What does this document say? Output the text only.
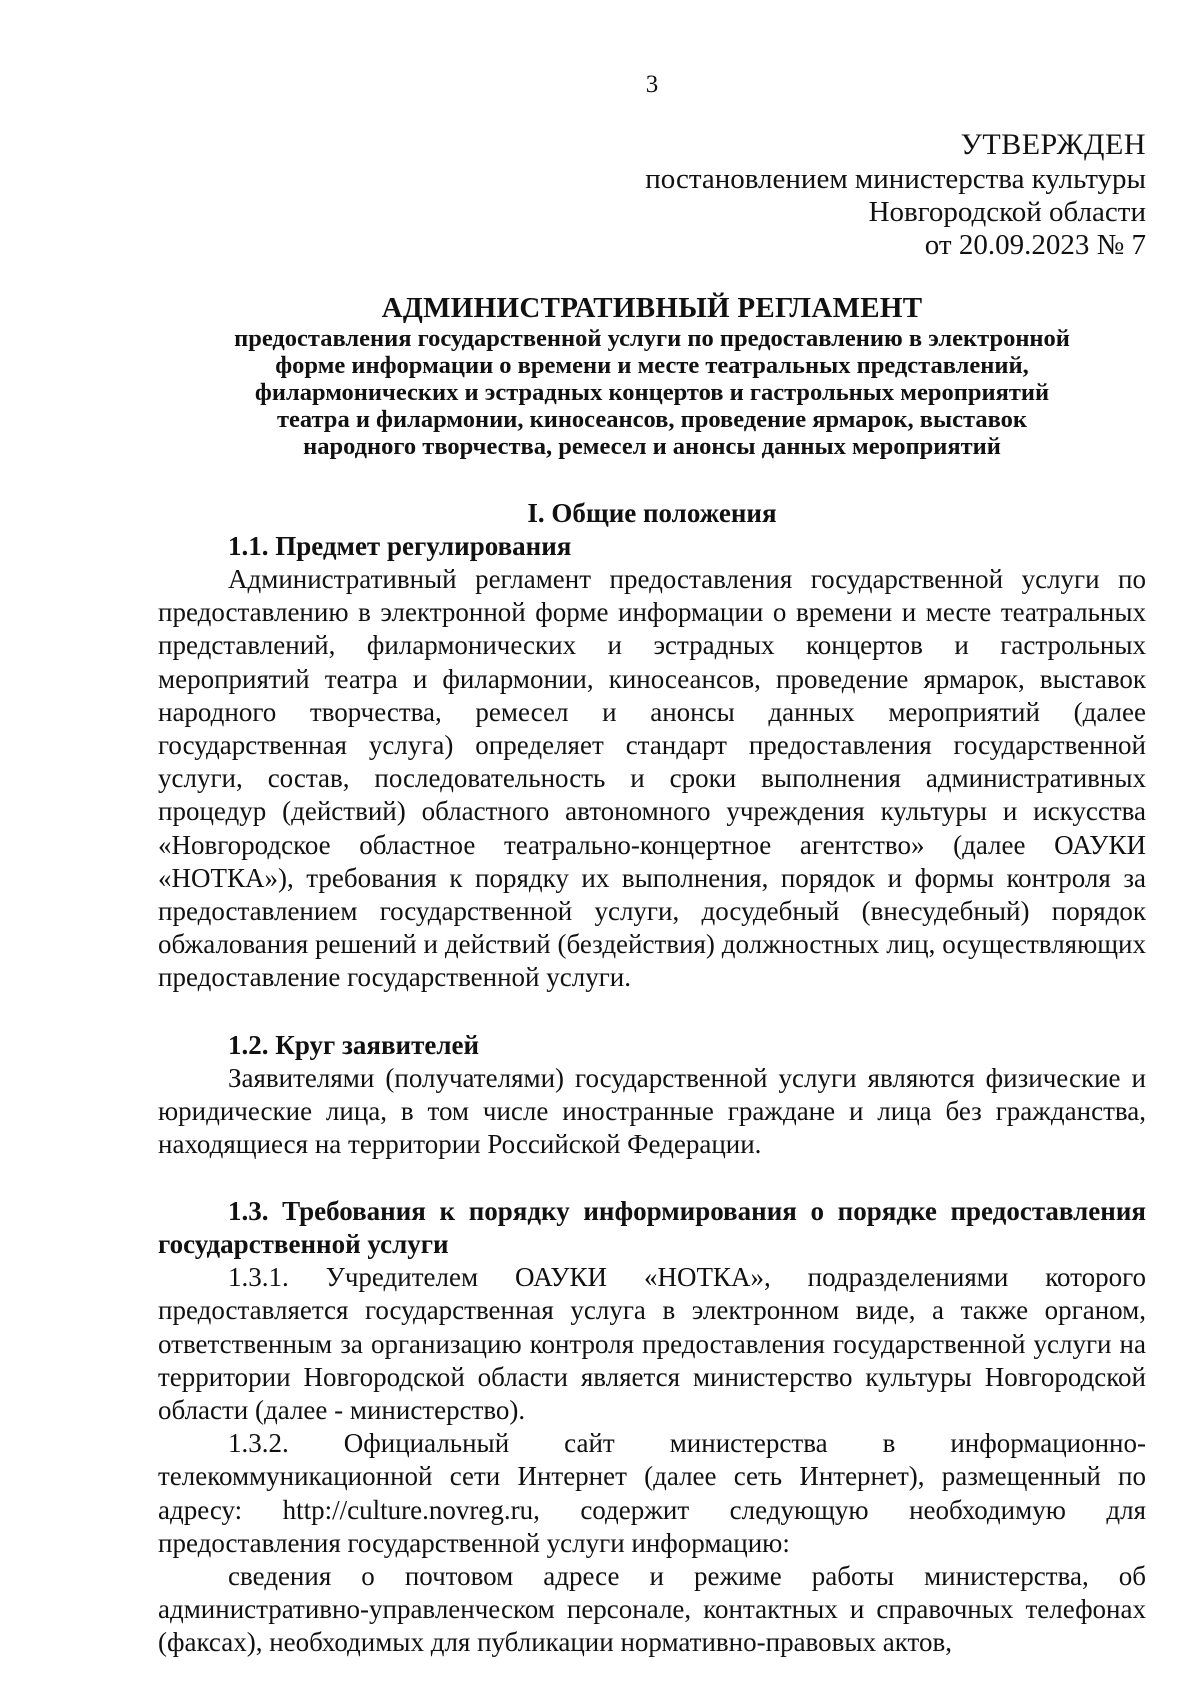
3
УТВЕРЖДЕН
постановлением министерства культуры
Новгородской области
от 20.09.2023 № 7
АДМИНИСТРАТИВНЫЙ РЕГЛАМЕНТ
предоставления государственной услуги по предоставлению в электронной
форме информации о времени и месте театральных представлений,
филармонических и эстрадных концертов и гастрольных мероприятий
театра и филармонии, киносеансов, проведение ярмарок, выставок
народного творчества, ремесел и анонсы данных мероприятий
I. Общие положения
1.1. Предмет регулирования

Административный регламент предоставления государственной услуги по предоставлению в электронной форме информации о времени и месте театральных представлений, филармонических и эстрадных концертов и гастрольных мероприятий театра и филармонии, киносеансов, проведение ярмарок, выставок народного творчества, ремесел и анонсы данных мероприятий (далее государственная услуга) определяет стандарт предоставления государственной услуги, состав, последовательность и сроки выполнения административных процедур (действий) областного автономного учреждения культуры и искусства «Новгородское областное театрально-концертное агентство» (далее ОАУКИ «НОТКА»), требования к порядку их выполнения, порядок и формы контроля за предоставлением государственной услуги, досудебный (внесудебный) порядок обжалования решений и действий (бездействия) должностных лиц, осуществляющих предоставление государственной услуги.

1.2. Круг заявителей

Заявителями (получателями) государственной услуги являются физические и юридические лица, в том числе иностранные граждане и лица без гражданства, находящиеся на территории Российской Федерации.

1.3. Требования к порядку информирования о порядке предоставления государственной услуги

1.3.1. Учредителем ОАУКИ «НОТКА», подразделениями которого предоставляется государственная услуга в электронном виде, а также органом, ответственным за организацию контроля предоставления государственной услуги на территории Новгородской области является министерство культуры Новгородской области (далее - министерство).

1.3.2. Официальный сайт министерства в информационно-телекоммуникационной сети Интернет (далее сеть Интернет), размещенный по адресу: http://culture.novreg.ru, содержит следующую необходимую для предоставления государственной услуги информацию:

сведения о почтовом адресе и режиме работы министерства, об административно-управленческом персонале, контактных и справочных телефонах (факсах), необходимых для публикации нормативно-правовых актов,
